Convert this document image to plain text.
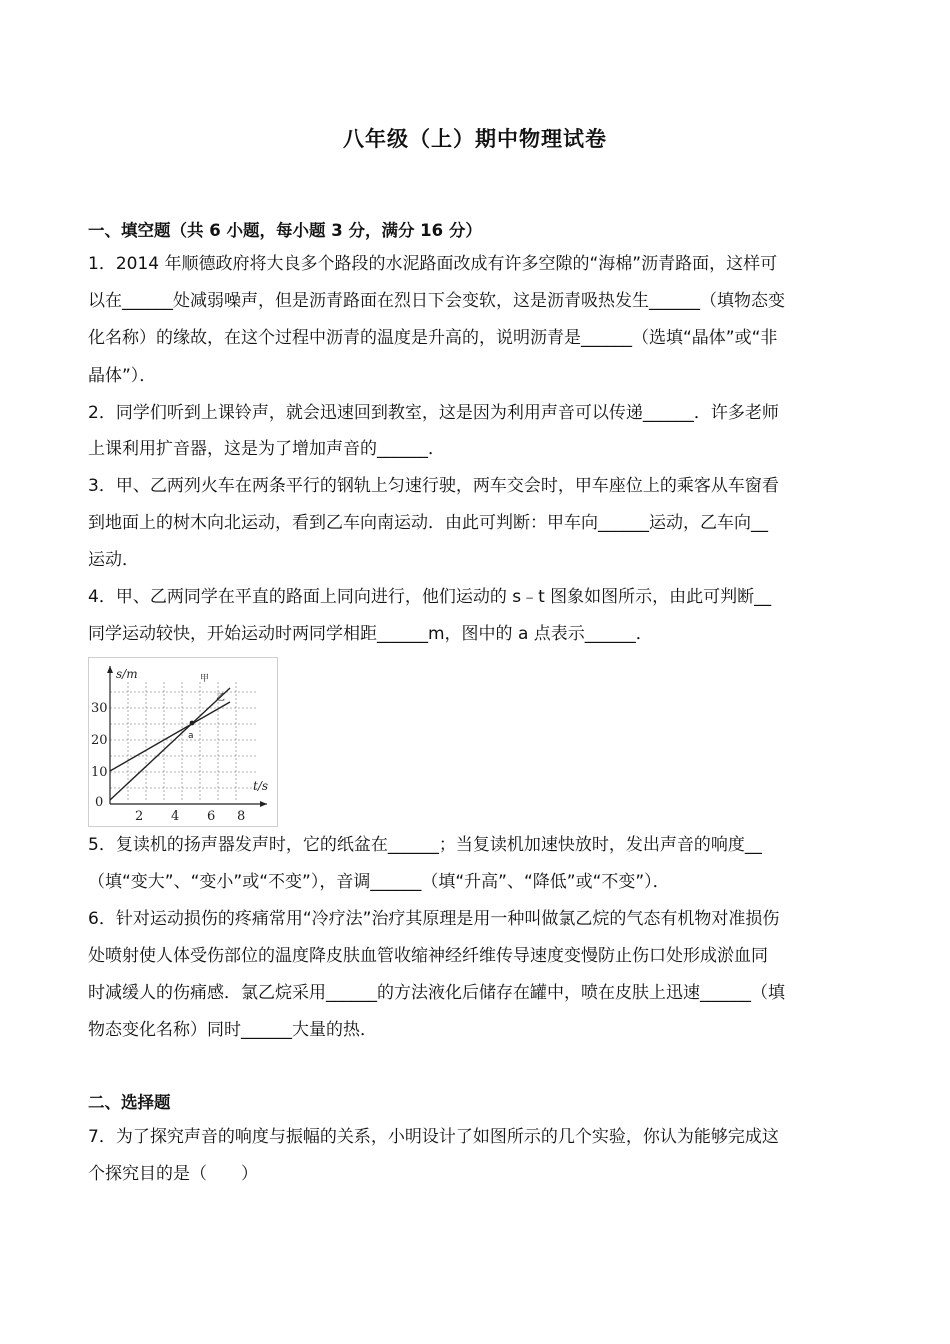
八年级（上）期中物理试卷
一、填空题（共 6 小题，每小题 3 分，满分 16 分）
1．2014 年顺德政府将大良多个路段的水泥路面改成有许多空隙的“海棉”沥青路面，这样可
以在______处减弱噪声，但是沥青路面在烈日下会变软，这是沥青吸热发生______（填物态变
化名称）的缘故，在这个过程中沥青的温度是升高的，说明沥青是______（选填“晶体”或“非
晶体”）．
2．同学们听到上课铃声，就会迅速回到教室，这是因为利用声音可以传递______．许多老师
上课利用扩音器，这是为了增加声音的______．
3．甲、乙两列火车在两条平行的钢轨上匀速行驶，两车交会时，甲车座位上的乘客从车窗看
到地面上的树木向北运动，看到乙车向南运动．由此可判断：甲车向______运动，乙车向__
运动．
4．甲、乙两同学在平直的路面上同向进行，他们运动的 s﹣t 图象如图所示，由此可判断__
同学运动较快，开始运动时两同学相距______m，图中的 a 点表示______．
s/m
t/s
30
20
10
0
2 4 6 8
甲
乙
a
5．复读机的扬声器发声时，它的纸盆在______；当复读机加速快放时，发出声音的响度__
（填“变大”、“变小”或“不变”），音调______（填“升高”、“降低”或“不变”）．
6．针对运动损伤的疼痛常用“冷疗法”治疗其原理是用一种叫做氯乙烷的气态有机物对准损伤
处喷射使人体受伤部位的温度降皮肤血管收缩神经纤维传导速度变慢防止伤口处形成淤血同
时减缓人的伤痛感．氯乙烷采用______的方法液化后储存在罐中，喷在皮肤上迅速______（填
物态变化名称）同时______大量的热．
二、选择题
7．为了探究声音的响度与振幅的关系，小明设计了如图所示的几个实验，你认为能够完成这
个探究目的是（　　）
